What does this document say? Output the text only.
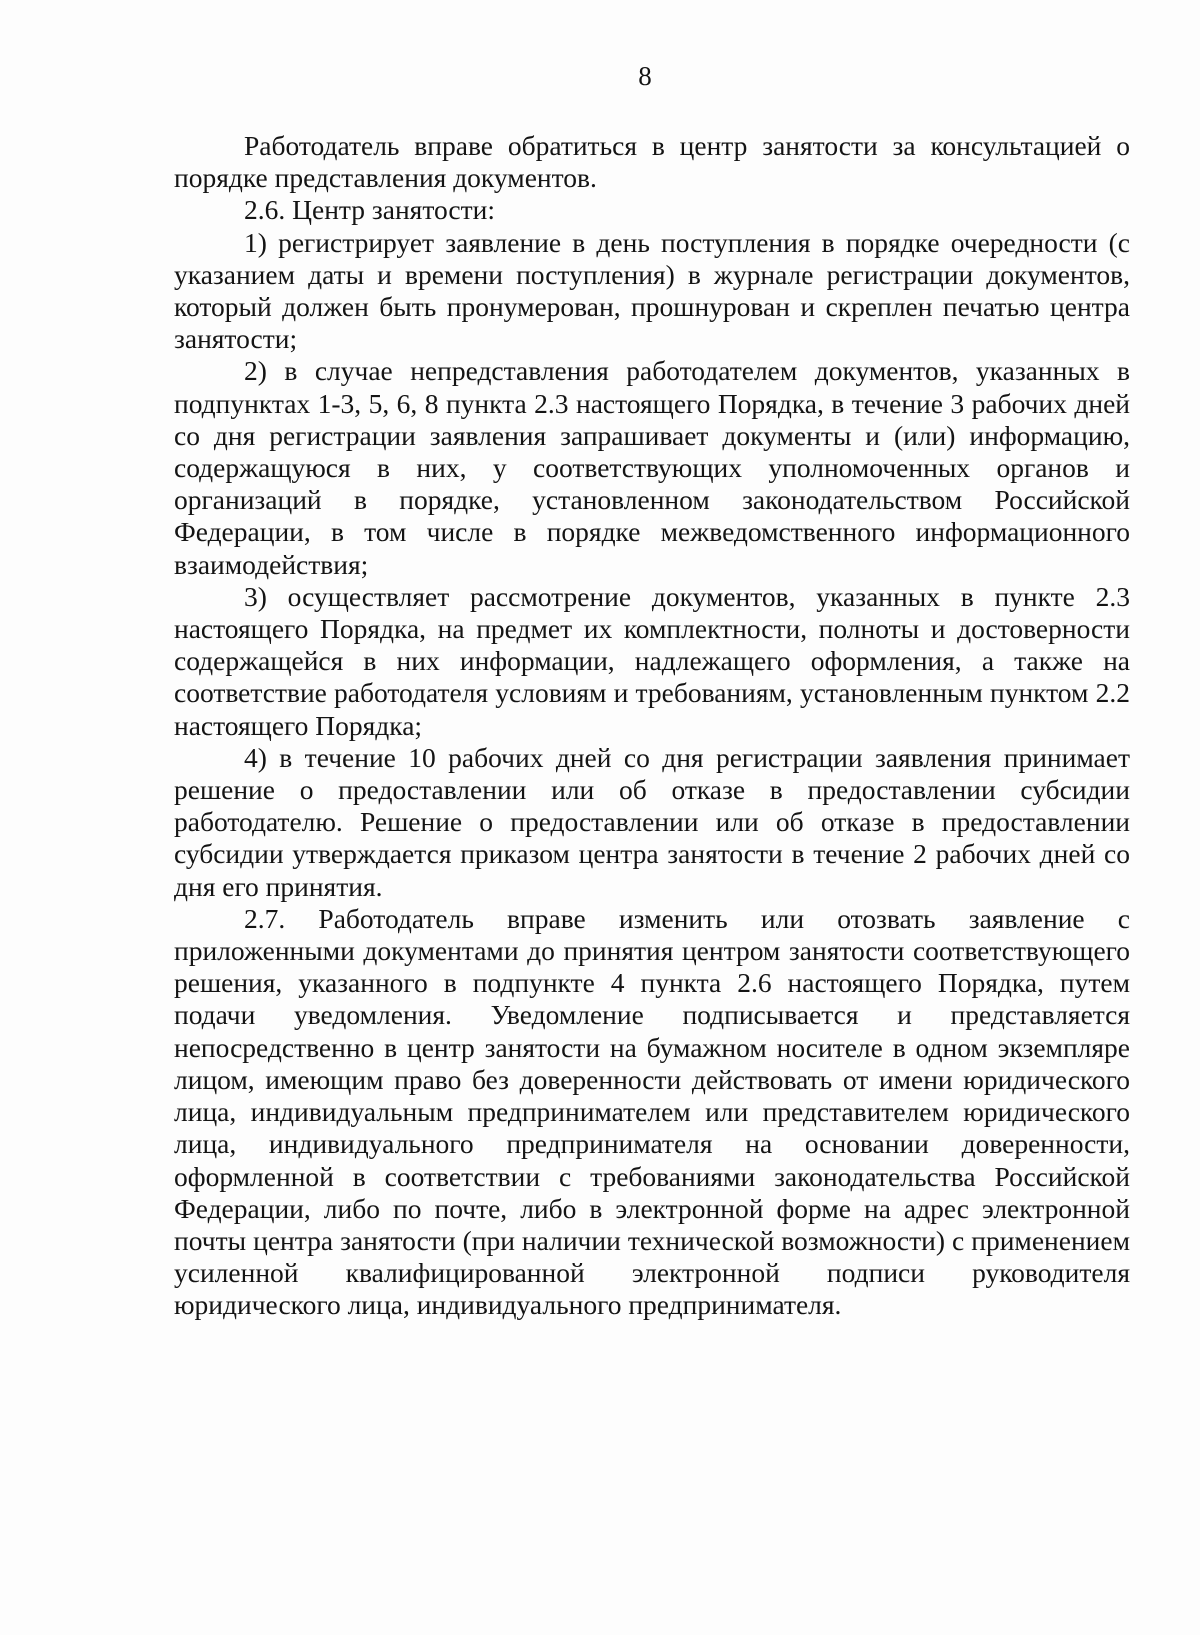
8

Работодатель вправе обратиться в центр занятости за консультацией о порядке представления документов.

2.6. Центр занятости:

1) регистрирует заявление в день поступления в порядке очередности (с указанием даты и времени поступления) в журнале регистрации документов, который должен быть пронумерован, прошнурован и скреплен печатью центра занятости;

2) в случае непредставления работодателем документов, указанных в подпунктах 1-3, 5, 6, 8 пункта 2.3 настоящего Порядка, в течение 3 рабочих дней со дня регистрации заявления запрашивает документы и (или) информацию, содержащуюся в них, у соответствующих уполномоченных органов и организаций в порядке, установленном законодательством Российской Федерации, в том числе в порядке межведомственного информационного взаимодействия;

3) осуществляет рассмотрение документов, указанных в пункте 2.3 настоящего Порядка, на предмет их комплектности, полноты и достоверности содержащейся в них информации, надлежащего оформления, а также на соответствие работодателя условиям и требованиям, установленным пунктом 2.2 настоящего Порядка;

4) в течение 10 рабочих дней со дня регистрации заявления принимает решение о предоставлении или об отказе в предоставлении субсидии работодателю. Решение о предоставлении или об отказе в предоставлении субсидии утверждается приказом центра занятости в течение 2 рабочих дней со дня его принятия.

2.7. Работодатель вправе изменить или отозвать заявление с приложенными документами до принятия центром занятости соответствующего решения, указанного в подпункте 4 пункта 2.6 настоящего Порядка, путем подачи уведомления. Уведомление подписывается и представляется непосредственно в центр занятости на бумажном носителе в одном экземпляре лицом, имеющим право без доверенности действовать от имени юридического лица, индивидуальным предпринимателем или представителем юридического лица, индивидуального предпринимателя на основании доверенности, оформленной в соответствии с требованиями законодательства Российской Федерации, либо по почте, либо в электронной форме на адрес электронной почты центра занятости (при наличии технической возможности) с применением усиленной квалифицированной электронной подписи руководителя юридического лица, индивидуального предпринимателя.
